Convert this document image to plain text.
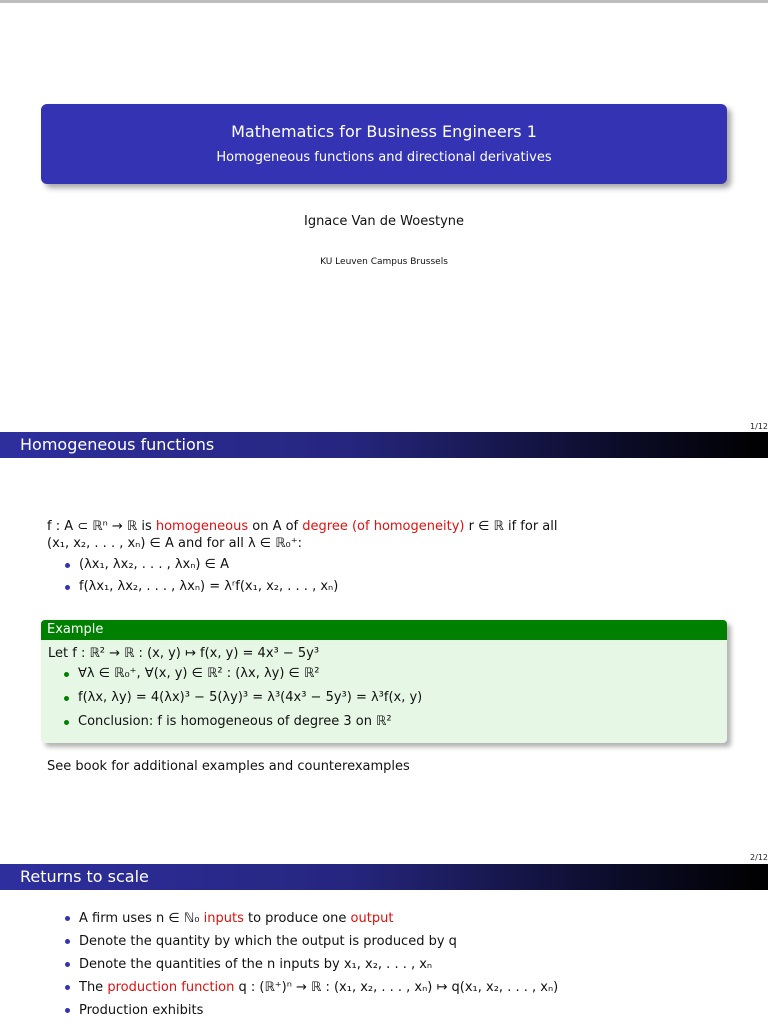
Mathematics for Business Engineers 1
Homogeneous functions and directional derivatives
Ignace Van de Woestyne
KU Leuven Campus Brussels
1/12
Homogeneous functions
f : A ⊂ ℝⁿ → ℝ is homogeneous on A of degree (of homogeneity) r ∈ ℝ if for all
(x₁, x₂, . . . , xₙ) ∈ A and for all λ ∈ ℝ₀⁺:
(λx₁, λx₂, . . . , λxₙ) ∈ A
f(λx₁, λx₂, . . . , λxₙ) = λʳf(x₁, x₂, . . . , xₙ)
Example
Let f : ℝ² → ℝ : (x, y) ↦ f(x, y) = 4x³ − 5y³
∀λ ∈ ℝ₀⁺, ∀(x, y) ∈ ℝ² : (λx, λy) ∈ ℝ²
f(λx, λy) = 4(λx)³ − 5(λy)³ = λ³(4x³ − 5y³) = λ³f(x, y)
Conclusion: f is homogeneous of degree 3 on ℝ²
See book for additional examples and counterexamples
2/12
Returns to scale
A firm uses n ∈ ℕ₀ inputs to produce one output
Denote the quantity by which the output is produced by q
Denote the quantities of the n inputs by x₁, x₂, . . . , xₙ
The production function q : (ℝ⁺)ⁿ → ℝ : (x₁, x₂, . . . , xₙ) ↦ q(x₁, x₂, . . . , xₙ)
Production exhibits
